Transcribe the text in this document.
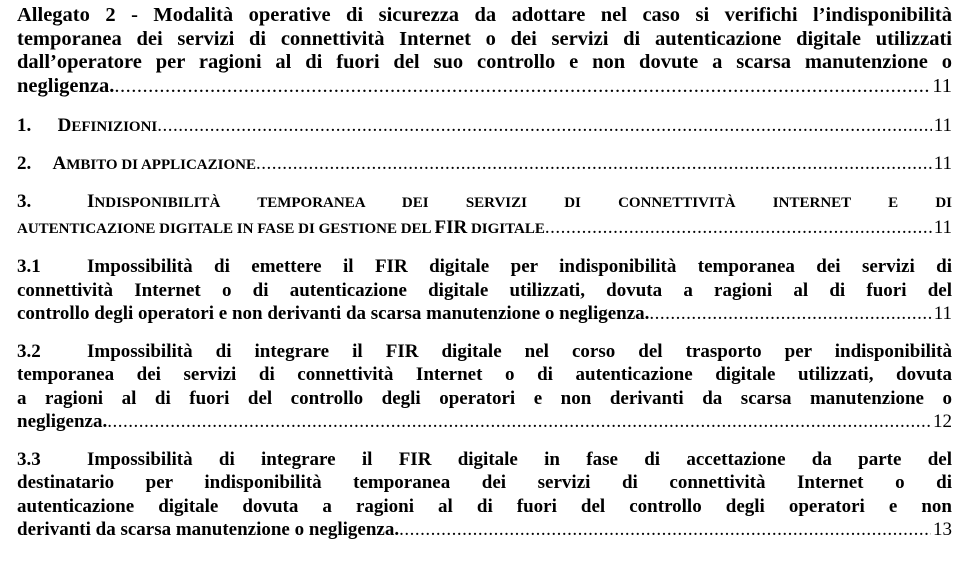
Allegato 2 - Modalità operative di sicurezza da adottare nel caso si verifichi l’indisponibilità
temporanea dei servizi di connettività Internet o dei servizi di autenticazione digitale utilizzati
dall’operatore per ragioni al di fuori del suo controllo e non dovute a scarsa manutenzione o
negligenza. .....	11
1.	DEFINIZIONI .....	11
2.	AMBITO DI APPLICAZIONE .....	11
3.	INDISPONIBILITÀ TEMPORANEA DEI SERVIZI DI CONNETTIVITÀ INTERNET E DI
AUTENTICAZIONE DIGITALE IN FASE DI GESTIONE DEL FIR DIGITALE .....	11
3.1 Impossibilità di emettere il FIR digitale per indisponibilità temporanea dei servizi di
connettività Internet o di autenticazione digitale utilizzati, dovuta a ragioni al di fuori del
controllo degli operatori e non derivanti da scarsa manutenzione o negligenza. .....	11
3.2 Impossibilità di integrare il FIR digitale nel corso del trasporto per indisponibilità
temporanea dei servizi di connettività Internet o di autenticazione digitale utilizzati, dovuta
a ragioni al di fuori del controllo degli operatori e non derivanti da scarsa manutenzione o
negligenza. .....	12
3.3 Impossibilità di integrare il FIR digitale in fase di accettazione da parte del
destinatario per indisponibilità temporanea dei servizi di connettività Internet o di
autenticazione digitale dovuta a ragioni al di fuori del controllo degli operatori e non
derivanti da scarsa manutenzione o negligenza. .....	13
